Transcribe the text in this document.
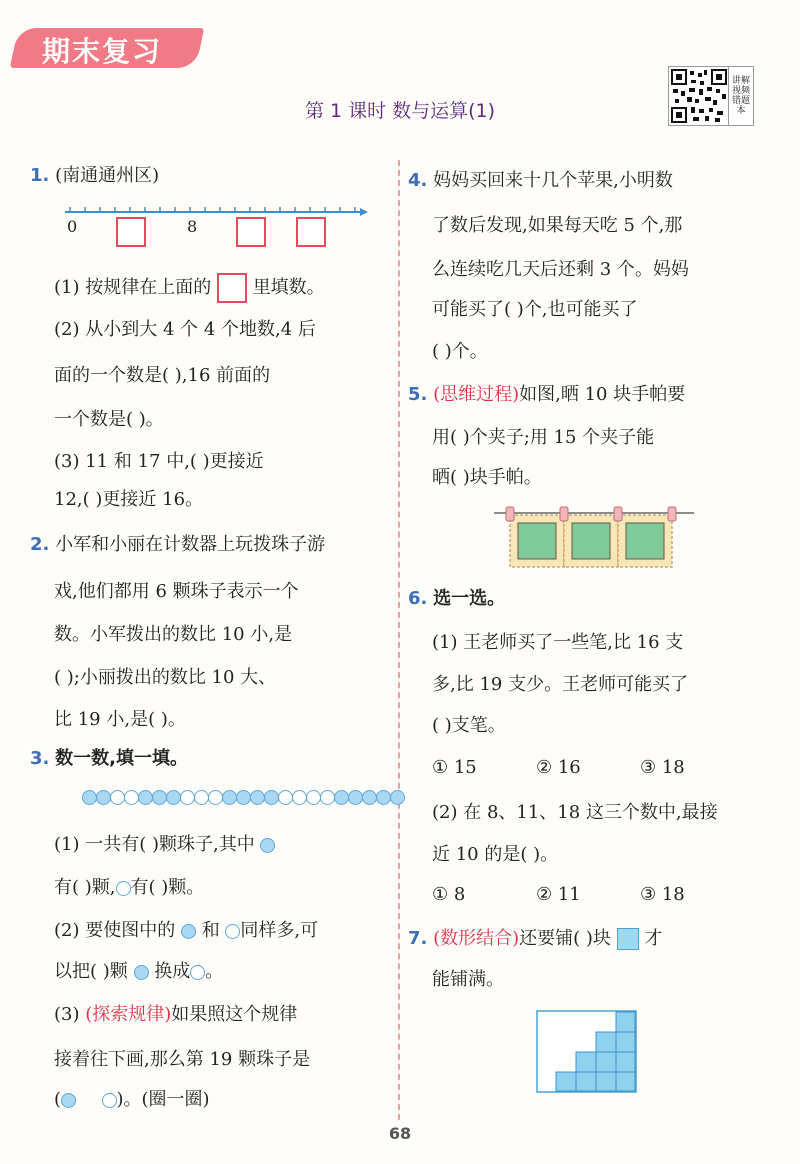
期末复习
第 1 课时 数与运算(1)
讲解视频错题本
1. (南通通州区)
0	8
(1) 按规律在上面的 里填数。
(2) 从小到大 4 个 4 个地数,4 后
面的一个数是( ),16 前面的
一个数是( )。
(3) 11 和 17 中,( )更接近
12,( )更接近 16。
2. 小军和小丽在计数器上玩拨珠子游
戏,他们都用 6 颗珠子表示一个
数。小军拨出的数比 10 小,是
( );小丽拨出的数比 10 大、
比 19 小,是( )。
3. 数一数,填一填。
(1) 一共有( )颗珠子,其中
有( )颗, 有( )颗。
(2) 要使图中的 和 同样多,可
以把( )颗 换成 。
(3) (探索规律)如果照这个规律
接着往下画,那么第 19 颗珠子是
(	)。(圈一圈)
4. 妈妈买回来十几个苹果,小明数
了数后发现,如果每天吃 5 个,那
么连续吃几天后还剩 3 个。妈妈
可能买了( )个,也可能买了
( )个。
5. (思维过程)如图,晒 10 块手帕要
用( )个夹子;用 15 个夹子能
晒( )块手帕。
6. 选一选。
(1) 王老师买了一些笔,比 16 支
多,比 19 支少。王老师可能买了
( )支笔。
① 15	② 16	③ 18
(2) 在 8、11、18 这三个数中,最接
近 10 的是( )。
① 8	② 11	③ 18
7. (数形结合)还要铺( )块 才
能铺满。
68
